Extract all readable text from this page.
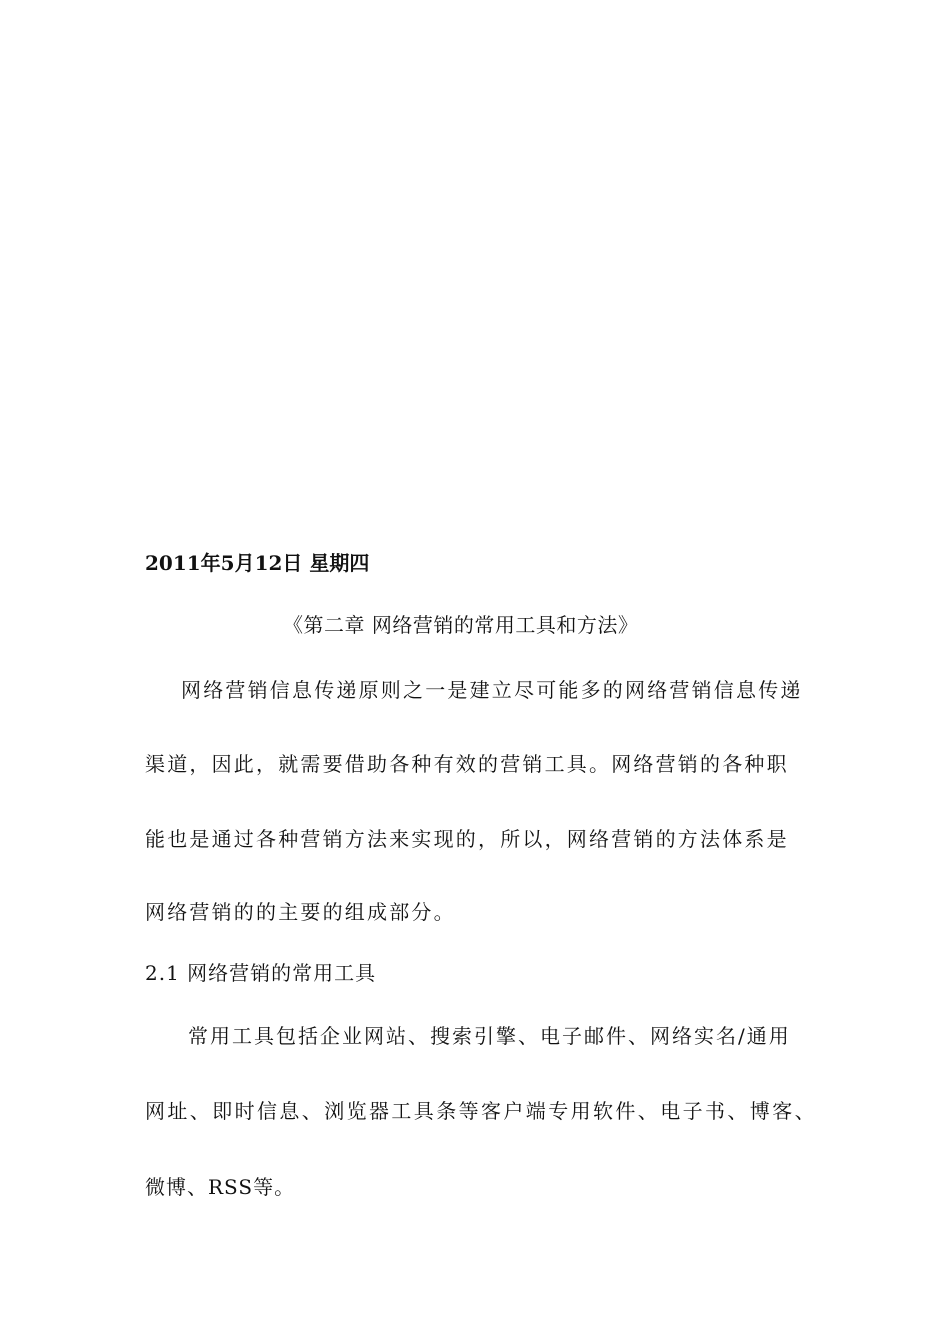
2011年5月12日 星期四
《第二章 网络营销的常用工具和方法》
网络营销信息传递原则之一是建立尽可能多的网络营销信息传递
渠道，因此，就需要借助各种有效的营销工具。网络营销的各种职
能也是通过各种营销方法来实现的，所以，网络营销的方法体系是
网络营销的的主要的组成部分。
2.1 网络营销的常用工具
常用工具包括企业网站、搜索引擎、电子邮件、网络实名/通用
网址、即时信息、浏览器工具条等客户端专用软件、电子书、博客、
微博、RSS等。
